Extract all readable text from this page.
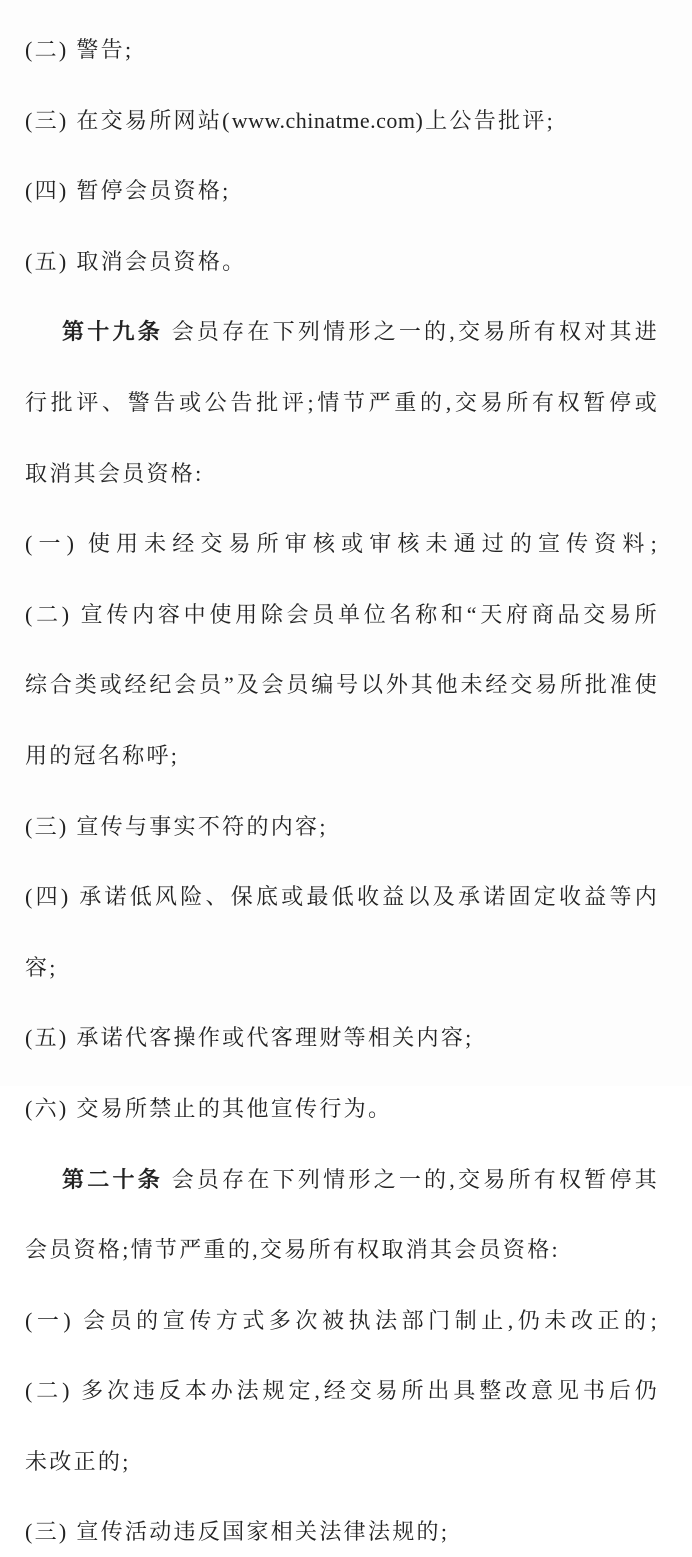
(二) 警告;

(三) 在交易所网站(www.chinatme.com)上公告批评;

(四) 暂停会员资格;

(五) 取消会员资格。

第十九条 会员存在下列情形之一的,交易所有权对其进

行批评、警告或公告批评;情节严重的,交易所有权暂停或

取消其会员资格:

(一) 使用未经交易所审核或审核未通过的宣传资料;

(二) 宣传内容中使用除会员单位名称和“天府商品交易所

综合类或经纪会员”及会员编号以外其他未经交易所批准使

用的冠名称呼;

(三) 宣传与事实不符的内容;

(四) 承诺低风险、保底或最低收益以及承诺固定收益等内

容;

(五) 承诺代客操作或代客理财等相关内容;

(六) 交易所禁止的其他宣传行为。

第二十条 会员存在下列情形之一的,交易所有权暂停其

会员资格;情节严重的,交易所有权取消其会员资格:

(一) 会员的宣传方式多次被执法部门制止,仍未改正的;

(二) 多次违反本办法规定,经交易所出具整改意见书后仍

未改正的;

(三) 宣传活动违反国家相关法律法规的;
